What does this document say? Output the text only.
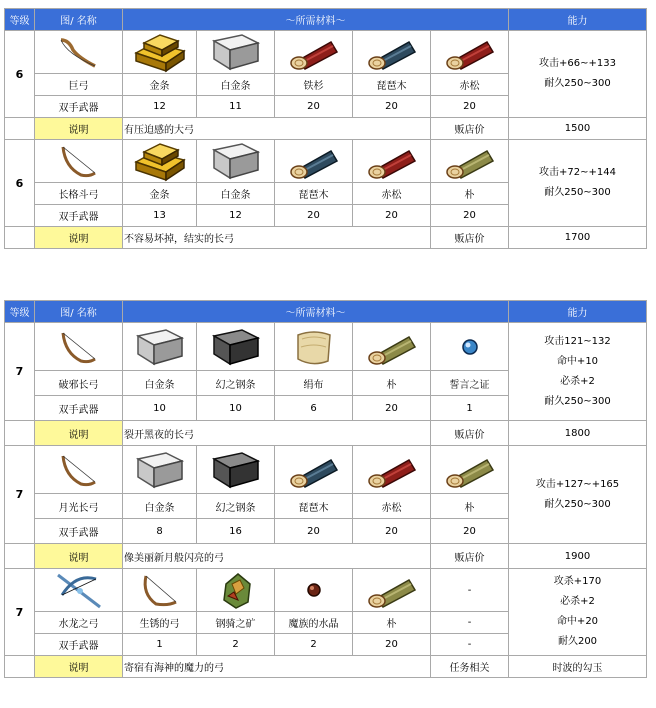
等级	图/ 名称	～所需材料～					能力
6							攻击+66~+133
耐久250~300

	巨弓	金条	白金条	铁杉	琵琶木	赤松	
	双手武器	12	11	20	20	20	
	说明	有压迫感的大弓				贩店价	1500
6							攻击+72~+144
耐久250~300

	长格斗弓	金条	白金条	琵琶木	赤松	朴	
	双手武器	13	12	20	20	20	
	说明	不容易坏掉，结实的长弓				贩店价	1700
等级	图/ 名称	～所需材料～					能力
7							攻击121~132
命中+10
必杀+2
耐久250~300

	破邪长弓	白金条	幻之钢条	绢布	朴	誓言之证	
	双手武器	10	10	6	20	1	
	说明	裂开黑夜的长弓				贩店价	1800
7							攻击+127~+165
耐久250~300

	月光长弓	白金条	幻之钢条	琵琶木	赤松	朴	
	双手武器	8	16	20	20	20	
	说明	像美丽新月般闪亮的弓				贩店价	1900
7						-	攻杀+170
必杀+2
命中+20
耐久200

	水龙之弓	生锈的弓	钢骑之矿	魔族的水晶	朴	-	
	双手武器	1	2	2	20	-	
	说明	寄宿有海神的魔力的弓				任务相关	时波的勾玉
